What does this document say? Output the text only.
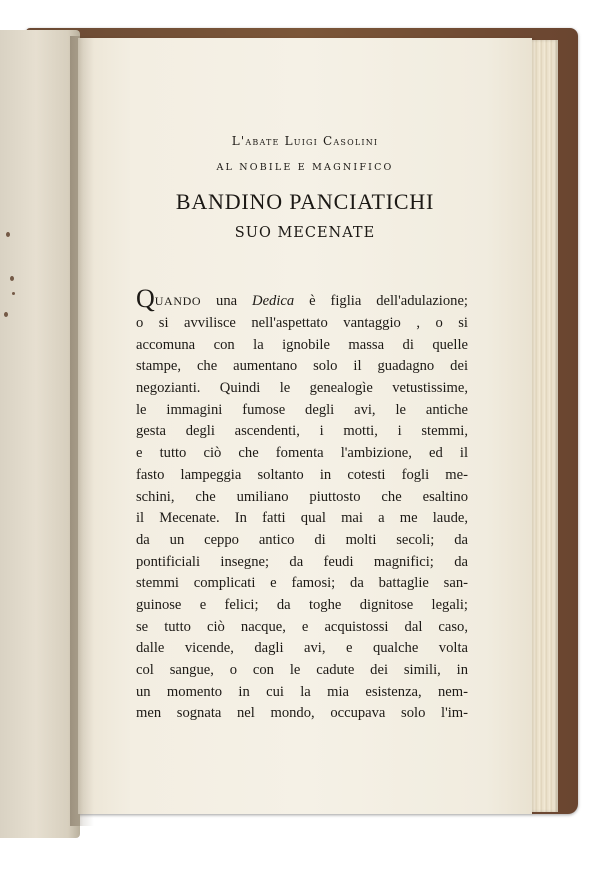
L'abate Luigi Casolini
AL NOBILE E MAGNIFICO
BANDINO PANCIATICHI
SUO MECENATE
QUANDO una Dedica è figlia dell'adulazione;
o si avvilisce nell'aspettato vantaggio , o si
accomuna con la ignobile massa di quelle
stampe, che aumentano solo il guadagno dei
negozianti. Quindi le genealogìe vetustissime,
le immagini fumose degli avi, le antiche
gesta degli ascendenti, i motti, i stemmi,
e tutto ciò che fomenta l'ambizione, ed il
fasto lampeggia soltanto in cotesti fogli me-
schini, che umiliano piuttosto che esaltino
il Mecenate. In fatti qual mai a me laude,
da un ceppo antico di molti secoli; da
pontificiali insegne; da feudi magnifici; da
stemmi complicati e famosi; da battaglie san-
guinose e felici; da toghe dignitose legali;
se tutto ciò nacque, e acquistossi dal caso,
dalle vicende, dagli avi, e qualche volta
col sangue, o con le cadute dei simili, in
un momento in cui la mia esistenza, nem-
men sognata nel mondo, occupava solo l'im-
